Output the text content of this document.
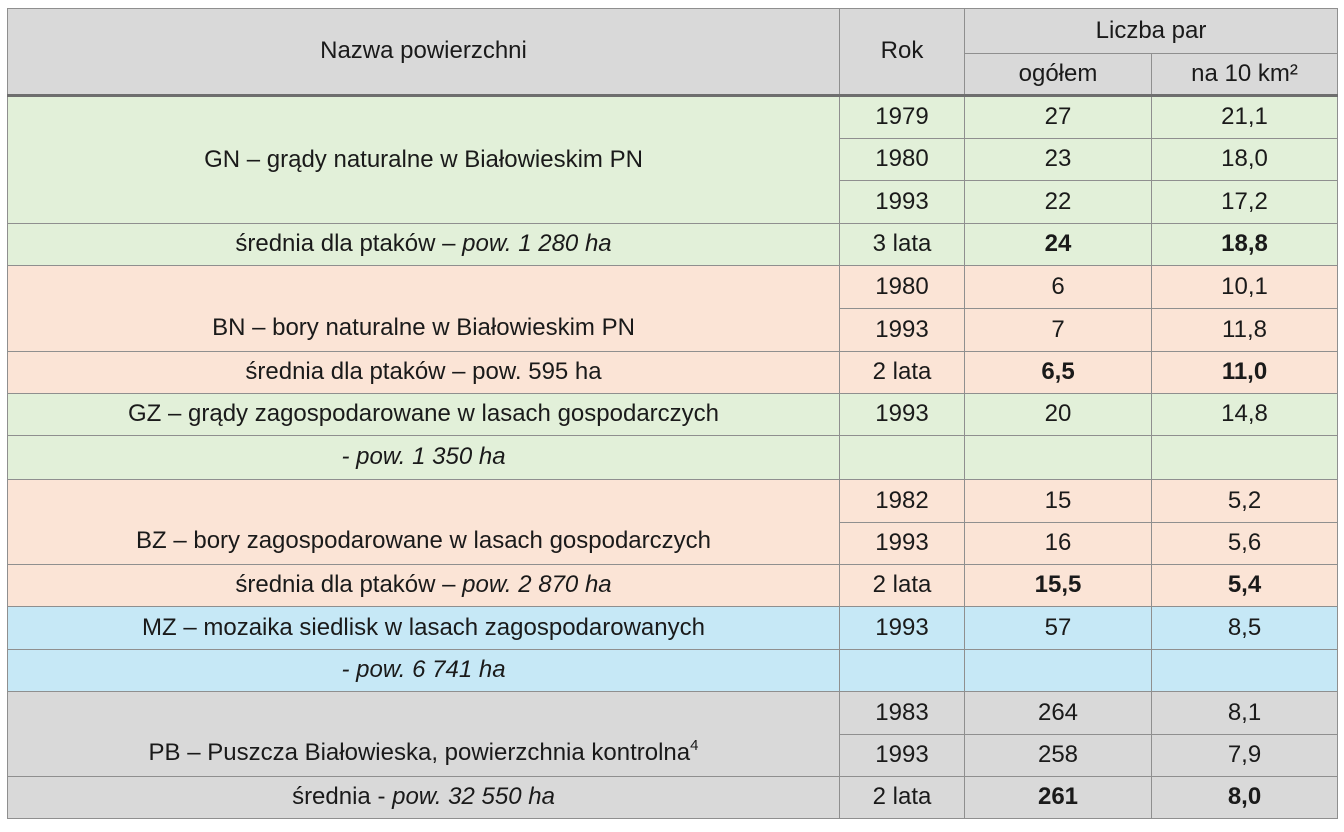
Nazwa powierzchni	Rok	Liczba par	
		ogółem	na 10 km²
GN – grądy naturalne w Białowieskim PN	1979	27	21,1
	1980	23	18,0
	1993	22	17,2
średnia dla ptaków – pow. 1 280 ha	3 lata	24	18,8
BN – bory naturalne w Białowieskim PN	1980	6	10,1
	1993	7	11,8
średnia dla ptaków – pow. 595 ha	2 lata	6,5	11,0
GZ – grądy zagospodarowane w lasach gospodarczych	1993	20	14,8
- pow. 1 350 ha			
BZ – bory zagospodarowane w lasach gospodarczych	1982	15	5,2
	1993	16	5,6
średnia dla ptaków – pow. 2 870 ha	2 lata	15,5	5,4
MZ – mozaika siedlisk w lasach zagospodarowanych	1993	57	8,5
- pow. 6 741 ha			
PB – Puszcza Białowieska, powierzchnia kontrolna$^4$	1983	264	8,1
	1993	258	7,9
średnia - pow. 32 550 ha	2 lata	261	8,0
